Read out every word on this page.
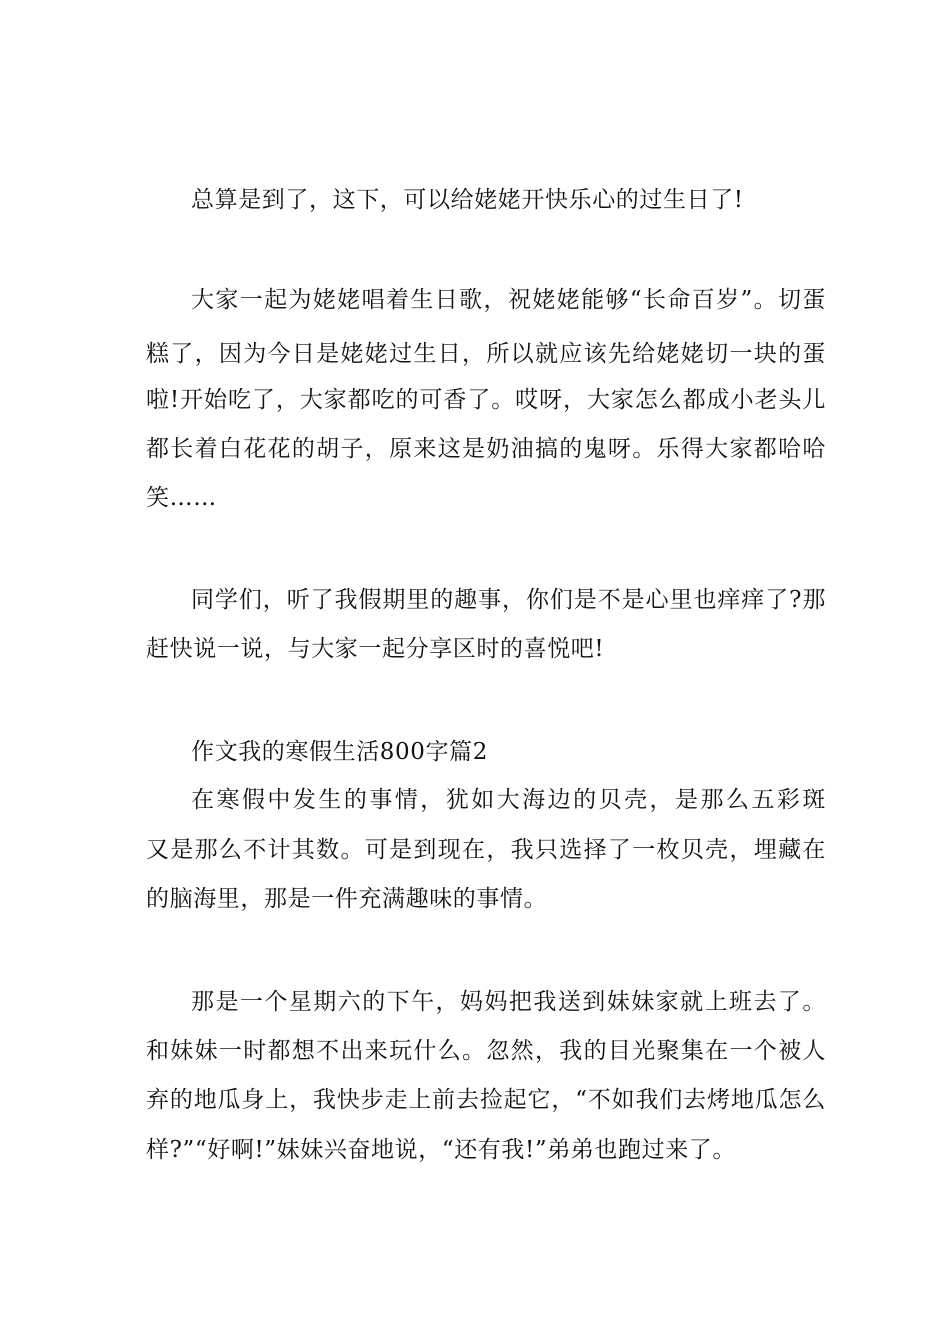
总算是到了，这下，可以给姥姥开快乐心的过生日了!
大家一起为姥姥唱着生日歌，祝姥姥能够“长命百岁”。切蛋
糕了，因为今日是姥姥过生日，所以就应该先给姥姥切一块的蛋
啦!开始吃了，大家都吃的可香了。哎呀，大家怎么都成小老头儿
都长着白花花的胡子，原来这是奶油搞的鬼呀。乐得大家都哈哈
笑……
同学们，听了我假期里的趣事，你们是不是心里也痒痒了?那
赶快说一说，与大家一起分享区时的喜悦吧!
作文我的寒假生活800字篇2
在寒假中发生的事情，犹如大海边的贝壳，是那么五彩斑
又是那么不计其数。可是到现在，我只选择了一枚贝壳，埋藏在
的脑海里，那是一件充满趣味的事情。
那是一个星期六的下午，妈妈把我送到妹妹家就上班去了。
和妹妹一时都想不出来玩什么。忽然，我的目光聚集在一个被人
弃的地瓜身上，我快步走上前去捡起它，“不如我们去烤地瓜怎么
样?”“好啊!”妹妹兴奋地说，“还有我!”弟弟也跑过来了。
